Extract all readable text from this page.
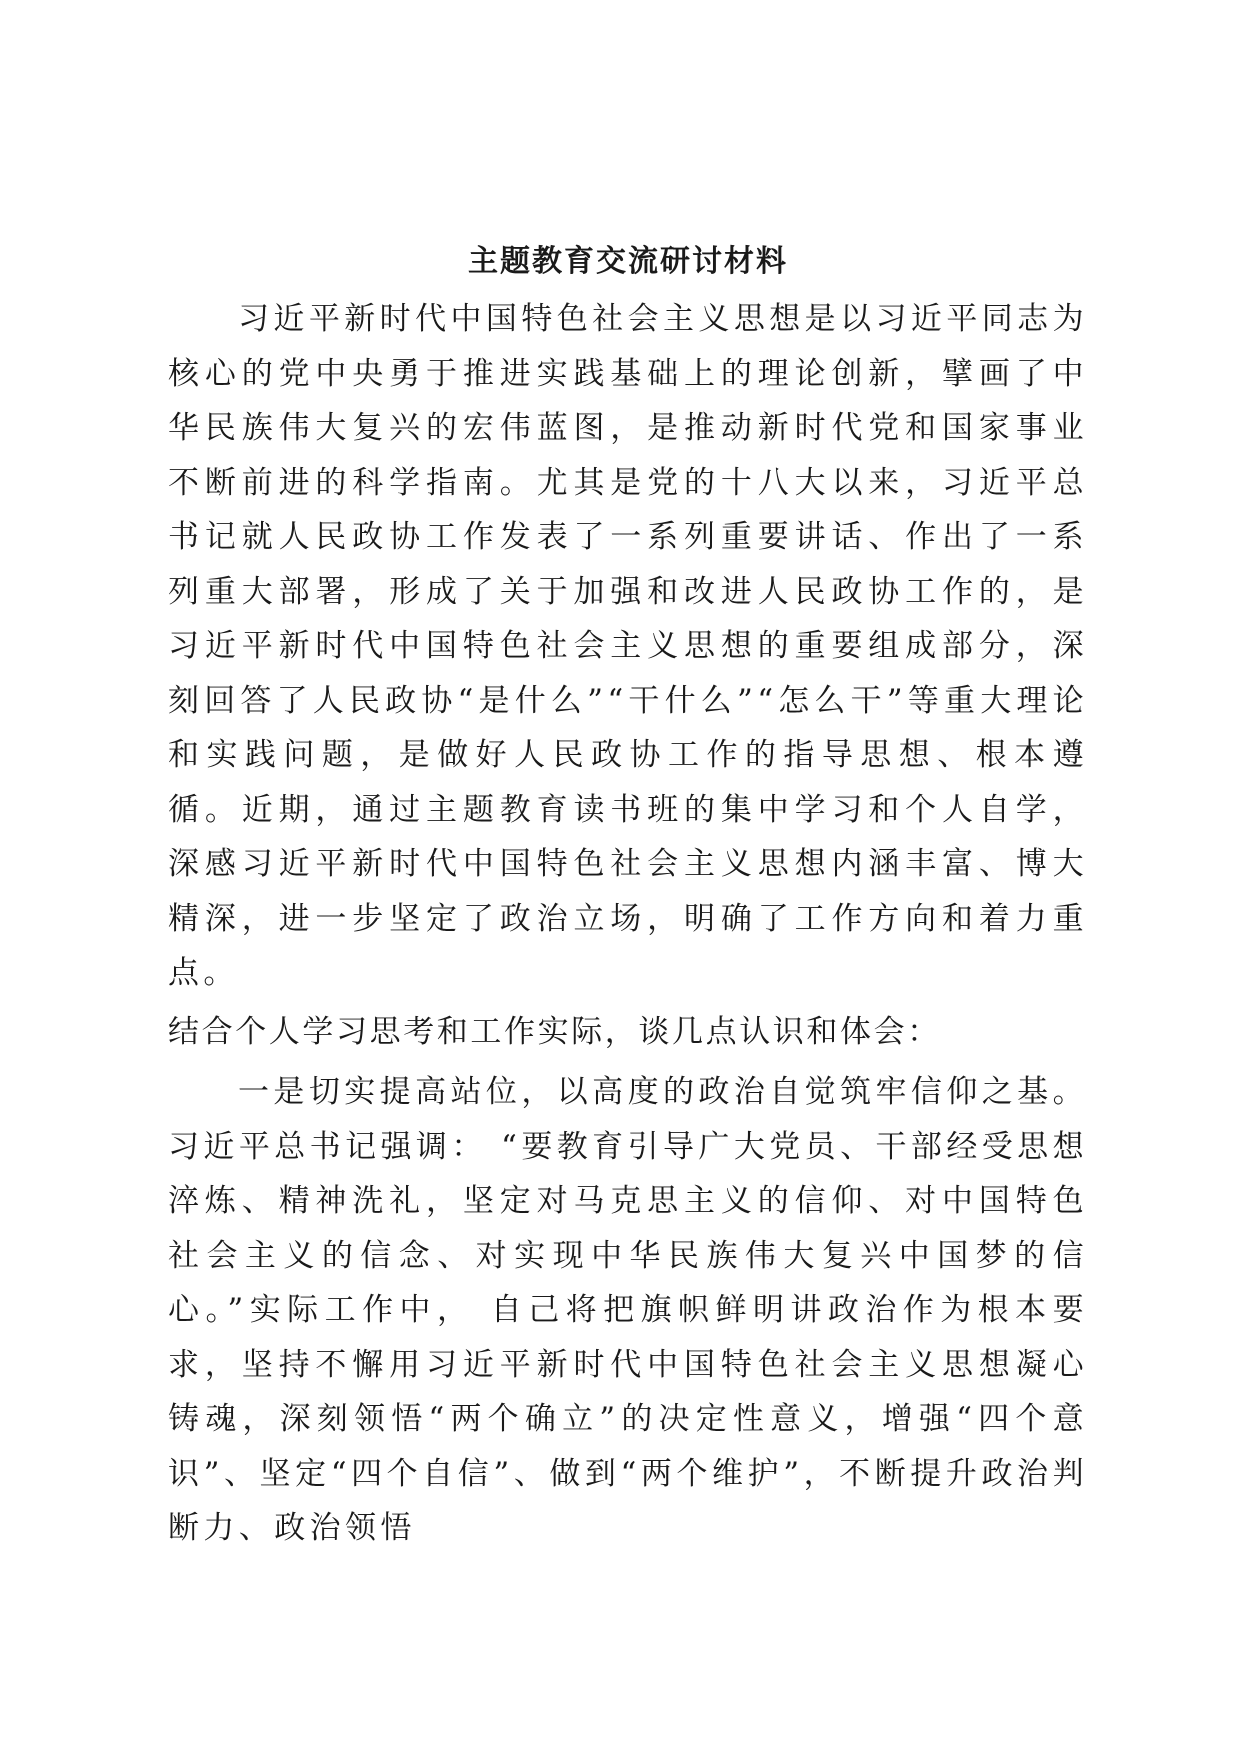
主题教育交流研讨材料

习近平新时代中国特色社会主义思想是以习近平同志为核心的党中央勇于推进实践基础上的理论创新，擘画了中华民族伟大复兴的宏伟蓝图，是推动新时代党和国家事业不断前进的科学指南。尤其是党的十八大以来，习近平总书记就人民政协工作发表了一系列重要讲话、作出了一系列重大部署，形成了关于加强和改进人民政协工作的，是习近平新时代中国特色社会主义思想的重要组成部分，深刻回答了人民政协“是什么”“干什么”“怎么干”等重大理论和实践问题，是做好人民政协工作的指导思想、根本遵循。近期，通过主题教育读书班的集中学习和个人自学，深感习近平新时代中国特色社会主义思想内涵丰富、博大精深，进一步坚定了政治立场，明确了工作方向和着力重点。

结合个人学习思考和工作实际，谈几点认识和体会：

一是切实提高站位，以高度的政治自觉筑牢信仰之基。习近平总书记强调： “要教育引导广大党员、干部经受思想淬炼、精神洗礼，坚定对马克思主义的信仰、对中国特色社会主义的信念、对实现中华民族伟大复兴中国梦的信心。”实际工作中， 自己将把旗帜鲜明讲政治作为根本要求，坚持不懈用习近平新时代中国特色社会主义思想凝心铸魂，深刻领悟“两个确立”的决定性意义，增强“四个意识”、坚定“四个自信”、做到“两个维护”，不断提升政治判断力、政治领悟
